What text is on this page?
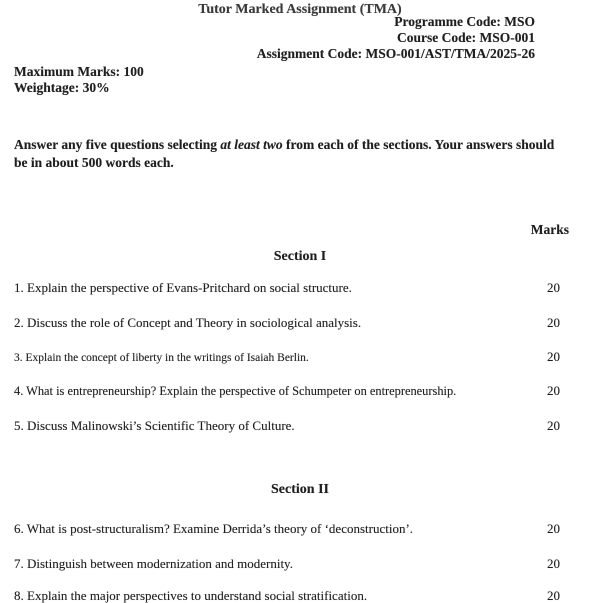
Tutor Marked Assignment (TMA)
Programme Code: MSO
Course Code: MSO-001
Assignment Code: MSO-001/AST/TMA/2025-26
Maximum Marks: 100
Weightage: 30%
Answer any five questions selecting at least two from each of the sections. Your answers should be in about 500 words each.
Marks
Section I
1. Explain the perspective of Evans-Pritchard on social structure.	20
2. Discuss the role of Concept and Theory in sociological analysis.	20
3. Explain the concept of liberty in the writings of Isaiah Berlin.	20
4. What is entrepreneurship? Explain the perspective of Schumpeter on entrepreneurship.	20
5. Discuss Malinowski’s Scientific Theory of Culture.	20
Section II
6. What is post-structuralism? Examine Derrida’s theory of ‘deconstruction’.	20
7. Distinguish between modernization and modernity.	20
8. Explain the major perspectives to understand social stratification.	20
